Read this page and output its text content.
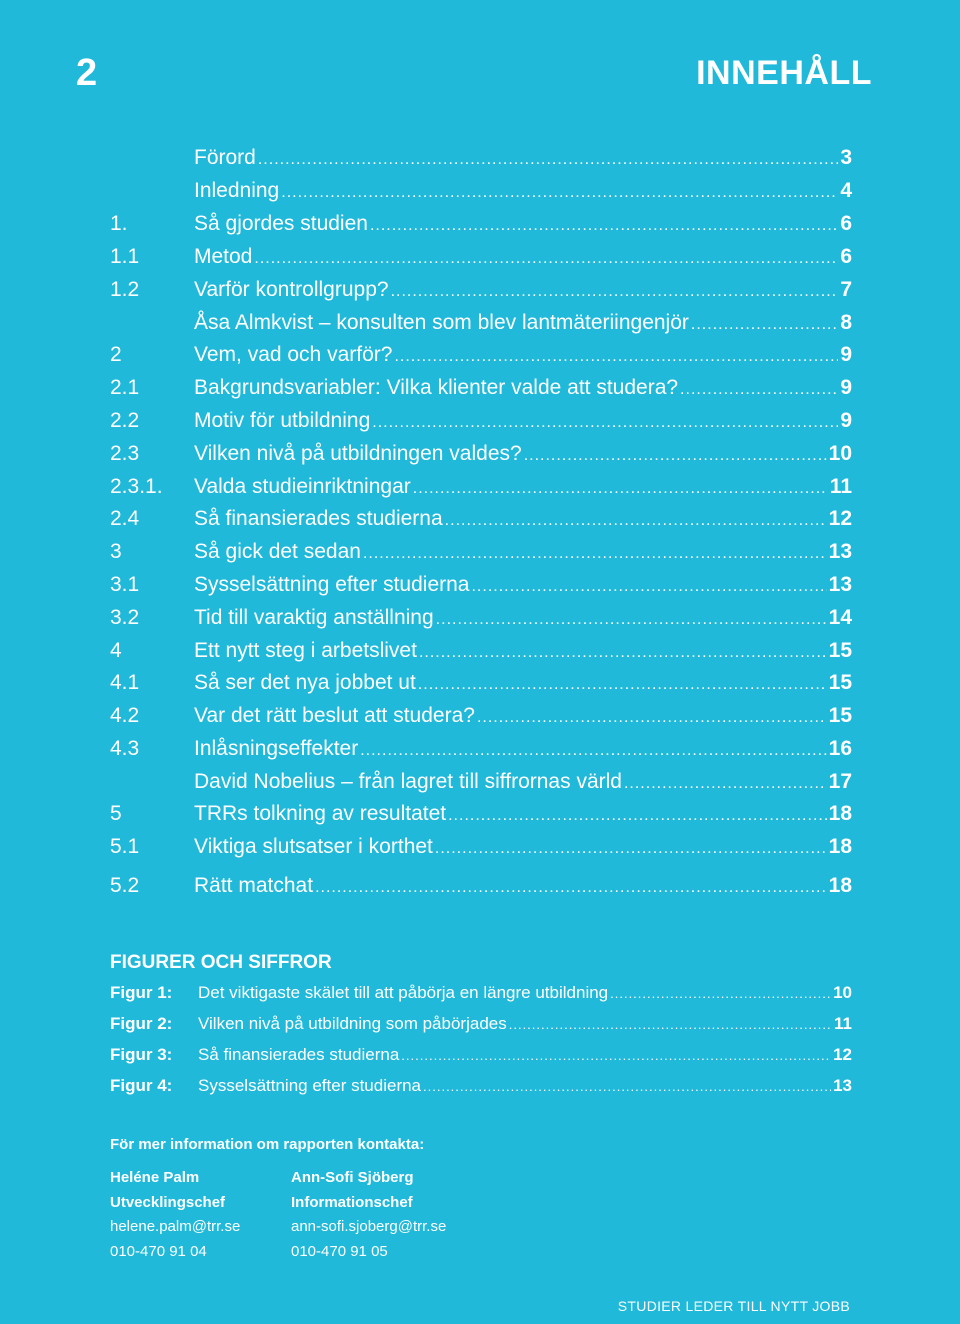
2	INNEHÅLL
Förord .....	3
Inledning .....	4
1.	Så gjordes studien .....	6
1.1	Metod .....	6
1.2	Varför kontrollgrupp? .....	7
Åsa Almkvist – konsulten som blev lantmäteriingenjör .....	8
2	Vem, vad och varför? .....	9
2.1	Bakgrundsvariabler: Vilka klienter valde att studera? .....	9
2.2	Motiv för utbildning .....	9
2.3	Vilken nivå på utbildningen valdes? .....	10
2.3.1.	Valda studieinriktningar .....	11
2.4	Så finansierades studierna .....	12
3	Så gick det sedan .....	13
3.1	Sysselsättning efter studierna .....	13
3.2	Tid till varaktig anställning .....	14
4	Ett nytt steg i arbetslivet .....	15
4.1	Så ser det nya jobbet ut .....	15
4.2	Var det rätt beslut att studera? .....	15
4.3	Inlåsningseffekter .....	16
David Nobelius – från lagret till siffrornas värld .....	17
5	TRRs tolkning av resultatet .....	18
5.1	Viktiga slutsatser i korthet .....	18
5.2	Rätt matchat .....	18
FIGURER OCH SIFFROR
Figur 1:	Det viktigaste skälet till att påbörja en längre utbildning .....	10
Figur 2:	Vilken nivå på utbildning som påbörjades .....	11
Figur 3:	Så finansierades studierna .....	12
Figur 4:	Sysselsättning efter studierna .....	13
För mer information om rapporten kontakta:
Heléne Palm
Utvecklingschef
helene.palm@trr.se
010-470 91 04
Ann-Sofi Sjöberg
Informationschef
ann-sofi.sjoberg@trr.se
010-470 91 05
STUDIER LEDER TILL NYTT JOBB
